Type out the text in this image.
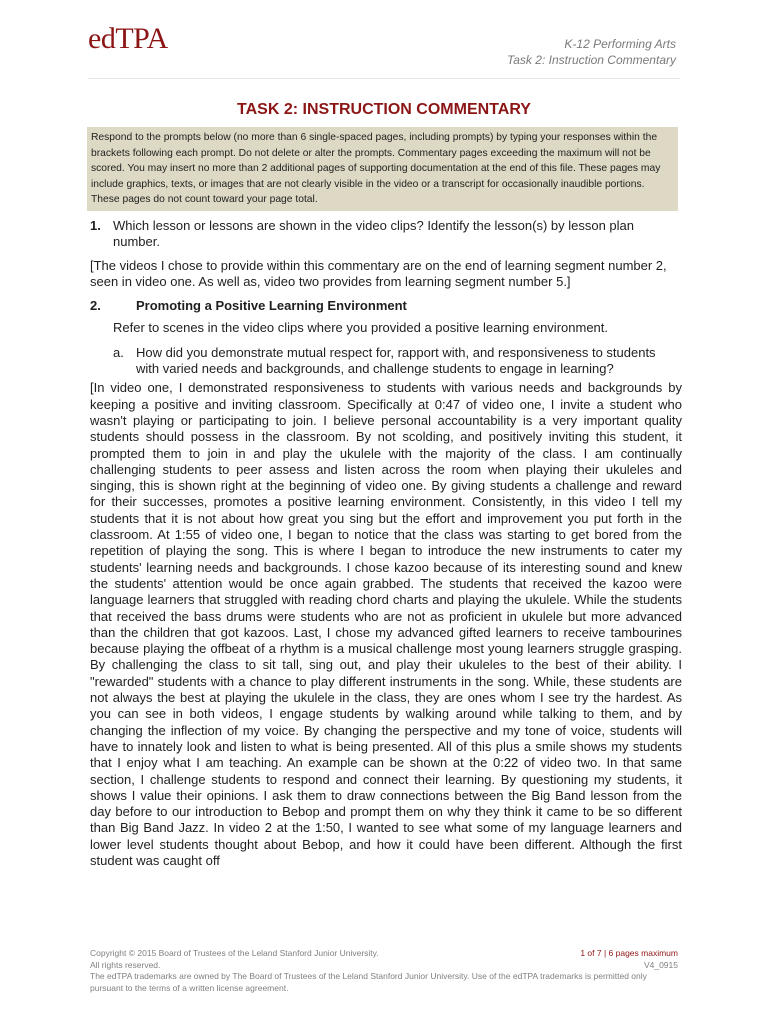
edTPA	K-12 Performing Arts
Task 2: Instruction Commentary
TASK 2: INSTRUCTION COMMENTARY
Respond to the prompts below (no more than 6 single-spaced pages, including prompts) by typing your responses within the brackets following each prompt. Do not delete or alter the prompts. Commentary pages exceeding the maximum will not be scored. You may insert no more than 2 additional pages of supporting documentation at the end of this file. These pages may include graphics, texts, or images that are not clearly visible in the video or a transcript for occasionally inaudible portions. These pages do not count toward your page total.
1. Which lesson or lessons are shown in the video clips? Identify the lesson(s) by lesson plan number.

[The videos I chose to provide within this commentary are on the end of learning segment number 2, seen in video one. As well as, video two provides from learning segment number 5.]

2.	Promoting a Positive Learning Environment

Refer to scenes in the video clips where you provided a positive learning environment.

a. How did you demonstrate mutual respect for, rapport with, and responsiveness to students with varied needs and backgrounds, and challenge students to engage in learning?

[In video one, I demonstrated responsiveness to students with various needs and backgrounds by keeping a positive and inviting classroom. Specifically at 0:47 of video one, I invite a student who wasn't playing or participating to join. I believe personal accountability is a very important quality students should possess in the classroom. By not scolding, and positively inviting this student, it prompted them to join in and play the ukulele with the majority of the class. I am continually challenging students to peer assess and listen across the room when playing their ukuleles and singing, this is shown right at the beginning of video one. By giving students a challenge and reward for their successes, promotes a positive learning environment. Consistently, in this video I tell my students that it is not about how great you sing but the effort and improvement you put forth in the classroom. At 1:55 of video one, I began to notice that the class was starting to get bored from the repetition of playing the song. This is where I began to introduce the new instruments to cater my students' learning needs and backgrounds. I chose kazoo because of its interesting sound and knew the students' attention would be once again grabbed. The students that received the kazoo were language learners that struggled with reading chord charts and playing the ukulele. While the students that received the bass drums were students who are not as proficient in ukulele but more advanced than the children that got kazoos. Last, I chose my advanced gifted learners to receive tambourines because playing the offbeat of a rhythm is a musical challenge most young learners struggle grasping. By challenging the class to sit tall, sing out, and play their ukuleles to the best of their ability. I "rewarded" students with a chance to play different instruments in the song. While, these students are not always the best at playing the ukulele in the class, they are ones whom I see try the hardest. As you can see in both videos, I engage students by walking around while talking to them, and by changing the inflection of my voice. By changing the perspective and my tone of voice, students will have to innately look and listen to what is being presented. All of this plus a smile shows my students that I enjoy what I am teaching. An example can be shown at the 0:22 of video two. In that same section, I challenge students to respond and connect their learning. By questioning my students, it shows I value their opinions. I ask them to draw connections between the Big Band lesson from the day before to our introduction to Bebop and prompt them on why they think it came to be so different than Big Band Jazz. In video 2 at the 1:50, I wanted to see what some of my language learners and lower level students thought about Bebop, and how it could have been different. Although the first student was caught off

Copyright © 2015 Board of Trustees of the Leland Stanford Junior University.	1 of 7 | 6 pages maximum
All rights reserved.	V4_0915
The edTPA trademarks are owned by The Board of Trustees of the Leland Stanford Junior University. Use of the edTPA trademarks is permitted only pursuant to the terms of a written license agreement.
